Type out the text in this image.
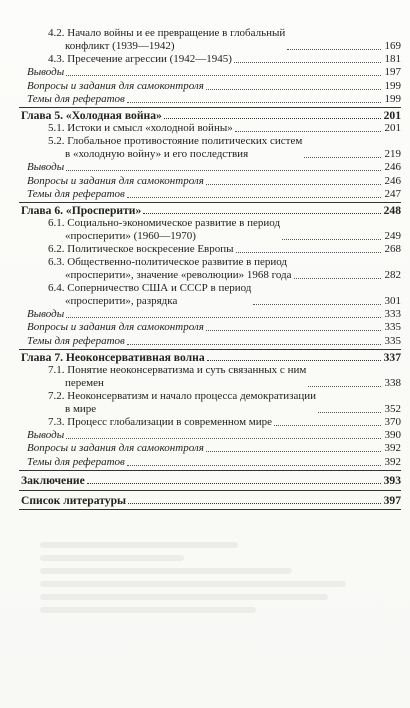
4.2. Начало войны и ее превращение в глобальный
конфликт (1939—1942)	169
4.3. Пресечение агрессии (1942—1945)	181
Выводы	197
Вопросы и задания для самоконтроля	199
Темы для рефератов	199
Глава 5. «Холодная война»	201
5.1. Истоки и смысл «холодной войны»	201
5.2. Глобальное противостояние политических систем
в «холодную войну» и его последствия	219
Выводы	246
Вопросы и задания для самоконтроля	246
Темы для рефератов	247
Глава 6. «Просперити»	248
6.1. Социально-экономическое развитие в период
«просперити» (1960—1970)	249
6.2. Политическое воскресение Европы	268
6.3. Общественно-политическое развитие в период
«просперити», значение «революции» 1968 года	282
6.4. Соперничество США и СССР в период
«просперити», разрядка	301
Выводы	333
Вопросы и задания для самоконтроля	335
Темы для рефератов	335
Глава 7. Неоконсервативная волна	337
7.1. Понятие неоконсерватизма и суть связанных с ним
перемен	338
7.2. Неоконсерватизм и начало процесса демократизации
в мире	352
7.3. Процесс глобализации в современном мире	370
Выводы	390
Вопросы и задания для самоконтроля	392
Темы для рефератов	392
Заключение	393
Список литературы	397
